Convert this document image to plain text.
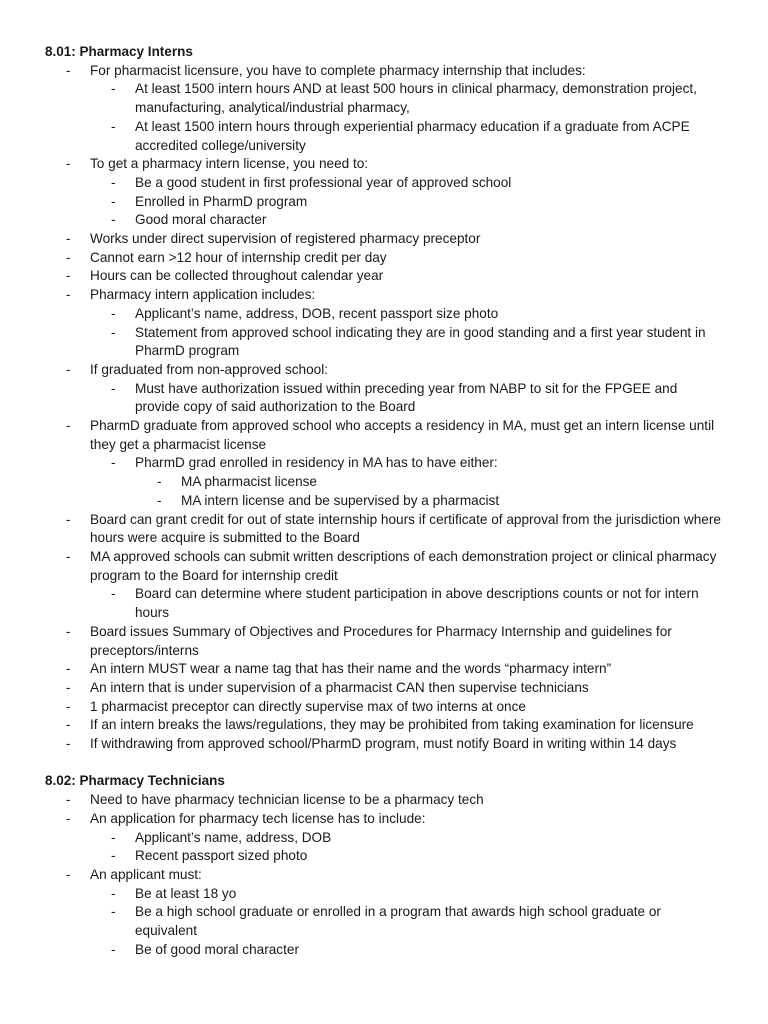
8.01: Pharmacy Interns
- For pharmacist licensure, you have to complete pharmacy internship that includes:
- At least 1500 intern hours AND at least 500 hours in clinical pharmacy, demonstration project, manufacturing, analytical/industrial pharmacy,
- At least 1500 intern hours through experiential pharmacy education if a graduate from ACPE accredited college/university
- To get a pharmacy intern license, you need to:
- Be a good student in first professional year of approved school
- Enrolled in PharmD program
- Good moral character
- Works under direct supervision of registered pharmacy preceptor
- Cannot earn >12 hour of internship credit per day
- Hours can be collected throughout calendar year
- Pharmacy intern application includes:
- Applicant’s name, address, DOB, recent passport size photo
- Statement from approved school indicating they are in good standing and a first year student in PharmD program
- If graduated from non-approved school:
- Must have authorization issued within preceding year from NABP to sit for the FPGEE and provide copy of said authorization to the Board
- PharmD graduate from approved school who accepts a residency in MA, must get an intern license until they get a pharmacist license
- PharmD grad enrolled in residency in MA has to have either:
- MA pharmacist license
- MA intern license and be supervised by a pharmacist
- Board can grant credit for out of state internship hours if certificate of approval from the jurisdiction where hours were acquire is submitted to the Board
- MA approved schools can submit written descriptions of each demonstration project or clinical pharmacy program to the Board for internship credit
- Board can determine where student participation in above descriptions counts or not for intern hours
- Board issues Summary of Objectives and Procedures for Pharmacy Internship and guidelines for preceptors/interns
- An intern MUST wear a name tag that has their name and the words “pharmacy intern”
- An intern that is under supervision of a pharmacist CAN then supervise technicians
- 1 pharmacist preceptor can directly supervise max of two interns at once
- If an intern breaks the laws/regulations, they may be prohibited from taking examination for licensure
- If withdrawing from approved school/PharmD program, must notify Board in writing within 14 days
8.02: Pharmacy Technicians
- Need to have pharmacy technician license to be a pharmacy tech
- An application for pharmacy tech license has to include:
- Applicant’s name, address, DOB
- Recent passport sized photo
- An applicant must:
- Be at least 18 yo
- Be a high school graduate or enrolled in a program that awards high school graduate or equivalent
- Be of good moral character
